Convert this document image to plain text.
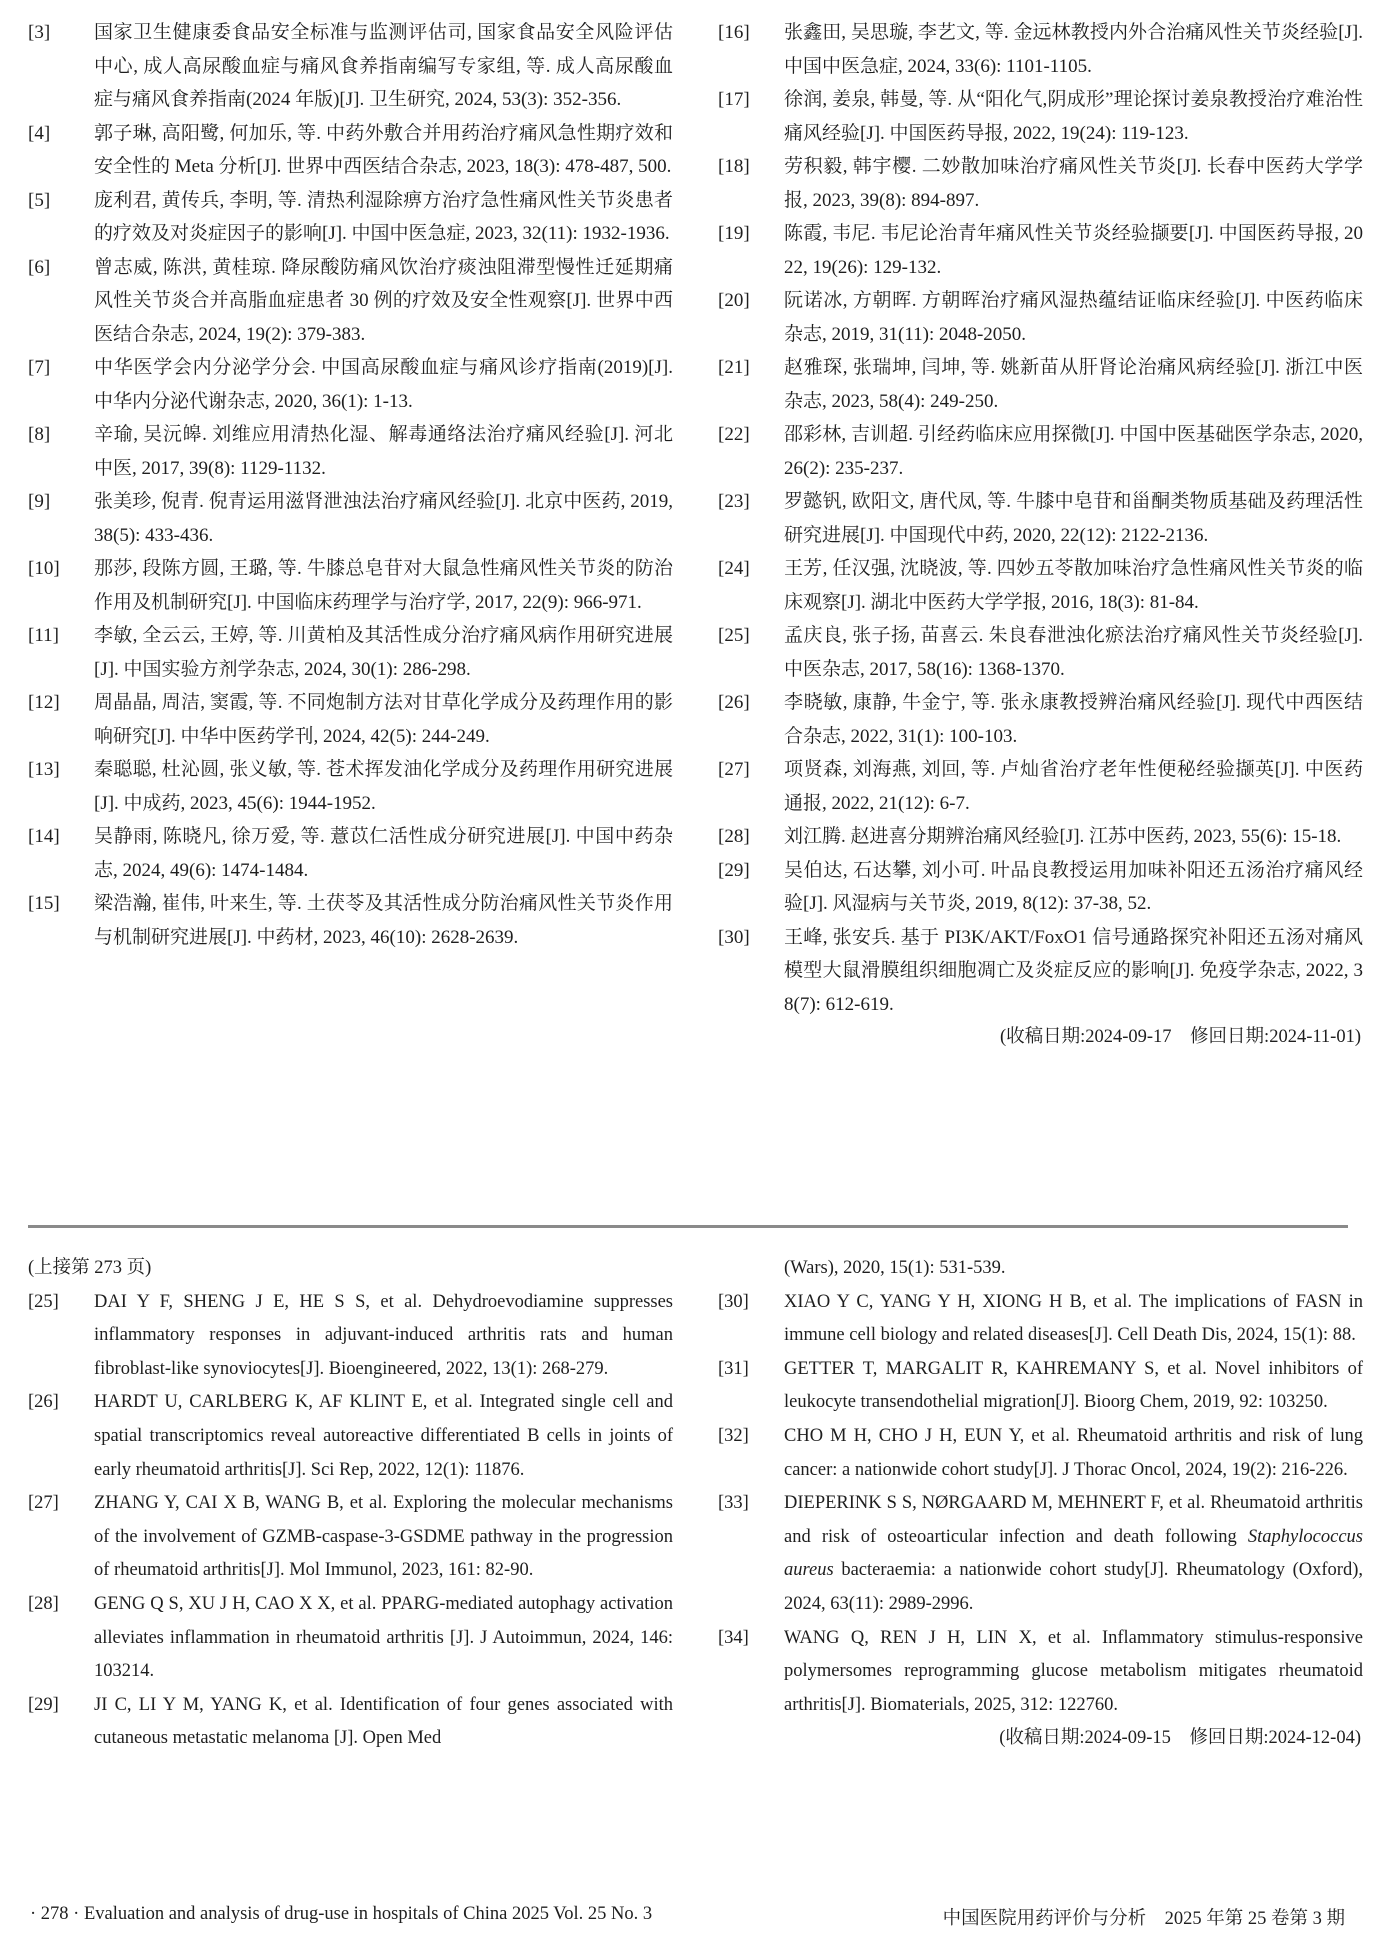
[3]	国家卫生健康委食品安全标准与监测评估司, 国家食品安全风险评估中心, 成人高尿酸血症与痛风食养指南编写专家组, 等. 成人高尿酸血症与痛风食养指南(2024 年版)[J]. 卫生研究, 2024, 53(3): 352-356.
[4]	郭子琳, 高阳鹭, 何加乐, 等. 中药外敷合并用药治疗痛风急性期疗效和安全性的 Meta 分析[J]. 世界中西医结合杂志, 2023, 18(3): 478-487, 500.
[5]	庞利君, 黄传兵, 李明, 等. 清热利湿除痹方治疗急性痛风性关节炎患者的疗效及对炎症因子的影响[J]. 中国中医急症, 2023, 32(11): 1932-1936.
[6]	曾志威, 陈洪, 黄桂琼. 降尿酸防痛风饮治疗痰浊阻滞型慢性迁延期痛风性关节炎合并高脂血症患者 30 例的疗效及安全性观察[J]. 世界中西医结合杂志, 2024, 19(2): 379-383.
[7]	中华医学会内分泌学分会. 中国高尿酸血症与痛风诊疗指南(2019)[J]. 中华内分泌代谢杂志, 2020, 36(1): 1-13.
[8]	辛瑜, 吴沅皞. 刘维应用清热化湿、解毒通络法治疗痛风经验[J]. 河北中医, 2017, 39(8): 1129-1132.
[9]	张美珍, 倪青. 倪青运用滋肾泄浊法治疗痛风经验[J]. 北京中医药, 2019, 38(5): 433-436.
[10]	那莎, 段陈方圆, 王璐, 等. 牛膝总皂苷对大鼠急性痛风性关节炎的防治作用及机制研究[J]. 中国临床药理学与治疗学, 2017, 22(9): 966-971.
[11]	李敏, 全云云, 王婷, 等. 川黄柏及其活性成分治疗痛风病作用研究进展[J]. 中国实验方剂学杂志, 2024, 30(1): 286-298.
[12]	周晶晶, 周洁, 窦霞, 等. 不同炮制方法对甘草化学成分及药理作用的影响研究[J]. 中华中医药学刊, 2024, 42(5): 244-249.
[13]	秦聪聪, 杜沁圆, 张义敏, 等. 苍术挥发油化学成分及药理作用研究进展[J]. 中成药, 2023, 45(6): 1944-1952.
[14]	吴静雨, 陈晓凡, 徐万爱, 等. 薏苡仁活性成分研究进展[J]. 中国中药杂志, 2024, 49(6): 1474-1484.
[15]	梁浩瀚, 崔伟, 叶来生, 等. 土茯苓及其活性成分防治痛风性关节炎作用与机制研究进展[J]. 中药材, 2023, 46(10): 2628-2639.
[16]	张鑫田, 吴思璇, 李艺文, 等. 金远林教授内外合治痛风性关节炎经验[J]. 中国中医急症, 2024, 33(6): 1101-1105.
[17]	徐润, 姜泉, 韩曼, 等. 从“阳化气,阴成形”理论探讨姜泉教授治疗难治性痛风经验[J]. 中国医药导报, 2022, 19(24): 119-123.
[18]	劳积毅, 韩宇樱. 二妙散加味治疗痛风性关节炎[J]. 长春中医药大学学报, 2023, 39(8): 894-897.
[19]	陈霞, 韦尼. 韦尼论治青年痛风性关节炎经验撷要[J]. 中国医药导报, 2022, 19(26): 129-132.
[20]	阮诺冰, 方朝晖. 方朝晖治疗痛风湿热蕴结证临床经验[J]. 中医药临床杂志, 2019, 31(11): 2048-2050.
[21]	赵雅琛, 张瑞坤, 闫坤, 等. 姚新苗从肝肾论治痛风病经验[J]. 浙江中医杂志, 2023, 58(4): 249-250.
[22]	邵彩林, 吉训超. 引经药临床应用探微[J]. 中国中医基础医学杂志, 2020, 26(2): 235-237.
[23]	罗懿钒, 欧阳文, 唐代凤, 等. 牛膝中皂苷和甾酮类物质基础及药理活性研究进展[J]. 中国现代中药, 2020, 22(12): 2122-2136.
[24]	王芳, 任汉强, 沈晓波, 等. 四妙五苓散加味治疗急性痛风性关节炎的临床观察[J]. 湖北中医药大学学报, 2016, 18(3): 81-84.
[25]	孟庆良, 张子扬, 苗喜云. 朱良春泄浊化瘀法治疗痛风性关节炎经验[J]. 中医杂志, 2017, 58(16): 1368-1370.
[26]	李晓敏, 康静, 牛金宁, 等. 张永康教授辨治痛风经验[J]. 现代中西医结合杂志, 2022, 31(1): 100-103.
[27]	项贤森, 刘海燕, 刘回, 等. 卢灿省治疗老年性便秘经验撷英[J]. 中医药通报, 2022, 21(12): 6-7.
[28]	刘江腾. 赵进喜分期辨治痛风经验[J]. 江苏中医药, 2023, 55(6): 15-18.
[29]	吴伯达, 石达攀, 刘小可. 叶品良教授运用加味补阳还五汤治疗痛风经验[J]. 风湿病与关节炎, 2019, 8(12): 37-38, 52.
[30]	王峰, 张安兵. 基于 PI3K/AKT/FoxO1 信号通路探究补阳还五汤对痛风模型大鼠滑膜组织细胞凋亡及炎症反应的影响[J]. 免疫学杂志, 2022, 38(7): 612-619.
(收稿日期:2024-09-17　修回日期:2024-11-01)
(上接第 273 页)
[25]	DAI Y F, SHENG J E, HE S S, et al. Dehydroevodiamine suppresses inflammatory responses in adjuvant-induced arthritis rats and human fibroblast-like synoviocytes[J]. Bioengineered, 2022, 13(1): 268-279.
[26]	HARDT U, CARLBERG K, AF KLINT E, et al. Integrated single cell and spatial transcriptomics reveal autoreactive differentiated B cells in joints of early rheumatoid arthritis[J]. Sci Rep, 2022, 12(1): 11876.
[27]	ZHANG Y, CAI X B, WANG B, et al. Exploring the molecular mechanisms of the involvement of GZMB-caspase-3-GSDME pathway in the progression of rheumatoid arthritis[J]. Mol Immunol, 2023, 161: 82-90.
[28]	GENG Q S, XU J H, CAO X X, et al. PPARG-mediated autophagy activation alleviates inflammation in rheumatoid arthritis [J]. J Autoimmun, 2024, 146: 103214.
[29]	JI C, LI Y M, YANG K, et al. Identification of four genes associated with cutaneous metastatic melanoma [J]. Open Med
(Wars), 2020, 15(1): 531-539.
[30]	XIAO Y C, YANG Y H, XIONG H B, et al. The implications of FASN in immune cell biology and related diseases[J]. Cell Death Dis, 2024, 15(1): 88.
[31]	GETTER T, MARGALIT R, KAHREMANY S, et al. Novel inhibitors of leukocyte transendothelial migration[J]. Bioorg Chem, 2019, 92: 103250.
[32]	CHO M H, CHO J H, EUN Y, et al. Rheumatoid arthritis and risk of lung cancer: a nationwide cohort study[J]. J Thorac Oncol, 2024, 19(2): 216-226.
[33]	DIEPERINK S S, NØRGAARD M, MEHNERT F, et al. Rheumatoid arthritis and risk of osteoarticular infection and death following Staphylococcus aureus bacteraemia: a nationwide cohort study[J]. Rheumatology (Oxford), 2024, 63(11): 2989-2996.
[34]	WANG Q, REN J H, LIN X, et al. Inflammatory stimulus-responsive polymersomes reprogramming glucose metabolism mitigates rheumatoid arthritis[J]. Biomaterials, 2025, 312: 122760.
(收稿日期:2024-09-15　修回日期:2024-12-04)
· 278 · Evaluation and analysis of drug-use in hospitals of China 2025 Vol. 25 No. 3	中国医院用药评价与分析　2025 年第 25 卷第 3 期
